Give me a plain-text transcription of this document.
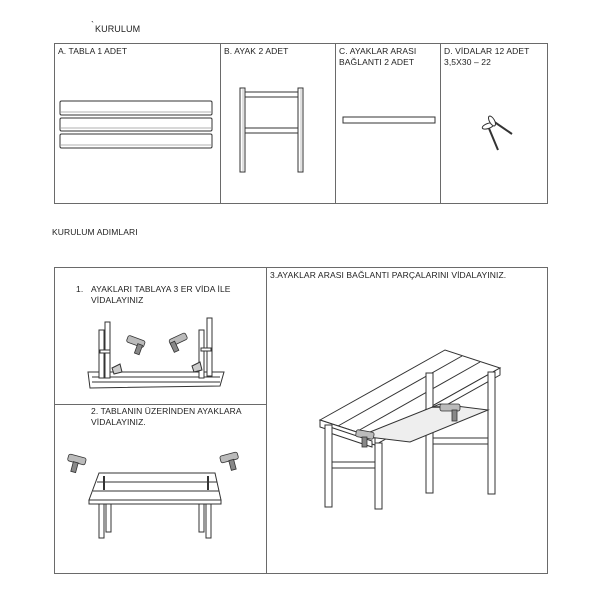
` KURULUM
A. TABLA 1 ADET	B. AYAK 2 ADET	C. AYAKLAR ARASI
BAĞLANTI 2 ADET
D. VİDALAR 12 ADET
3,5X30 – 22
KURULUM ADIMLARI
1. AYAKLARI TABLAYA 3 ER VİDA İLE
VİDALAYINIZ
2. TABLANIN ÜZERİNDEN AYAKLARA
VİDALAYINIZ.
3.AYAKLAR ARASI BAĞLANTI PARÇALARINI VİDALAYINIZ.
